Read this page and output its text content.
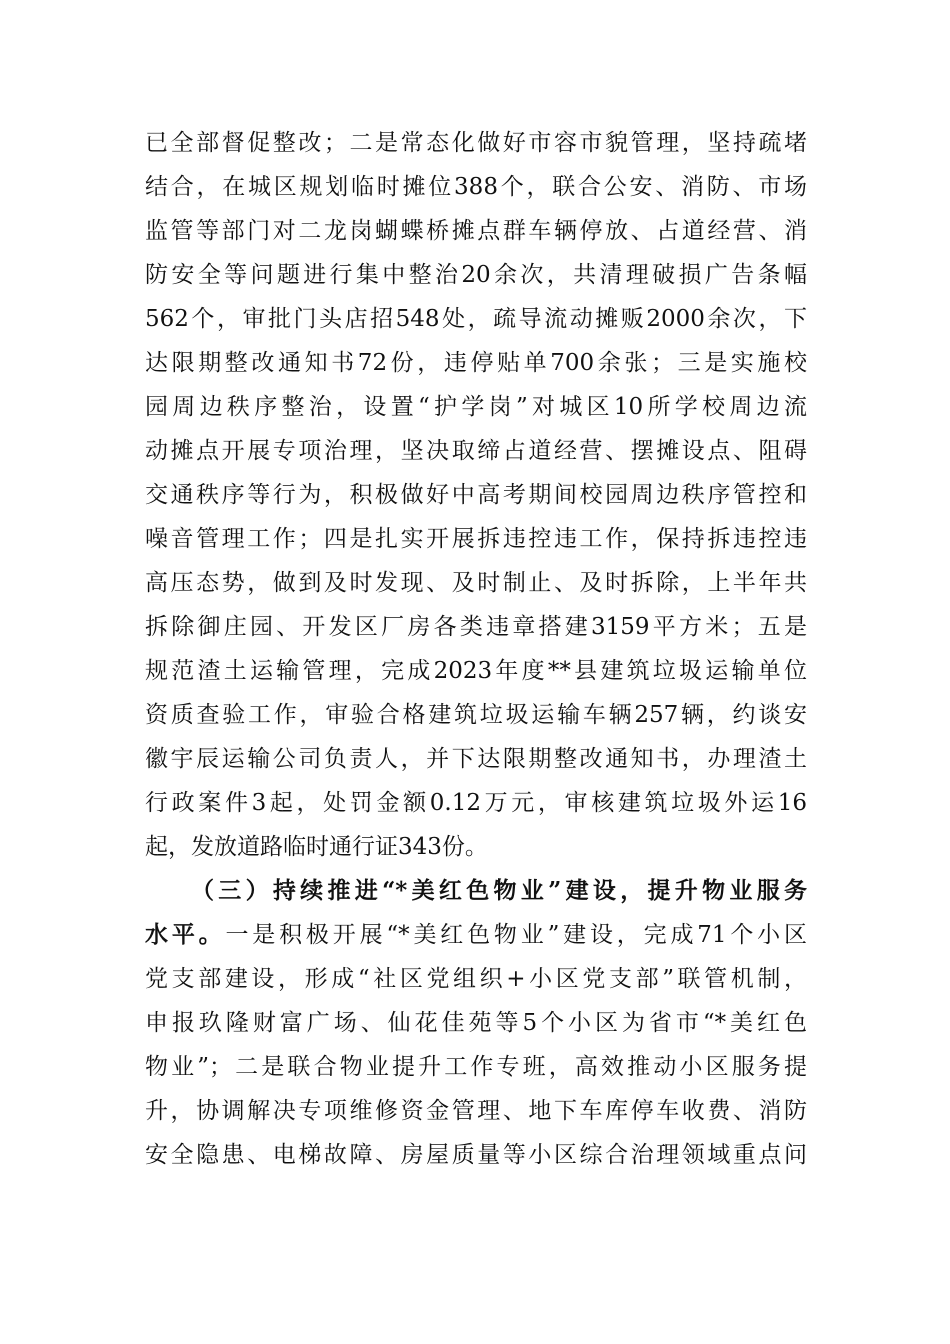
已全部督促整改；二是常态化做好市容市貌管理，坚持疏堵
结合，在城区规划临时摊位388个，联合公安、消防、市场
监管等部门对二龙岗蝴蝶桥摊点群车辆停放、占道经营、消
防安全等问题进行集中整治20余次，共清理破损广告条幅
562个，审批门头店招548处，疏导流动摊贩2000余次，下
达限期整改通知书72份，违停贴单700余张；三是实施校
园周边秩序整治，设置“护学岗”对城区10所学校周边流
动摊点开展专项治理，坚决取缔占道经营、摆摊设点、阻碍
交通秩序等行为，积极做好中高考期间校园周边秩序管控和
噪音管理工作；四是扎实开展拆违控违工作，保持拆违控违
高压态势，做到及时发现、及时制止、及时拆除，上半年共
拆除御庄园、开发区厂房各类违章搭建3159平方米；五是
规范渣土运输管理，完成2023年度**县建筑垃圾运输单位
资质查验工作，审验合格建筑垃圾运输车辆257辆，约谈安
徽宇辰运输公司负责人，并下达限期整改通知书，办理渣土
行政案件3起，处罚金额0.12万元，审核建筑垃圾外运16
起，发放道路临时通行证343份。
（三）持续推进“*美红色物业”建设，提升物业服务
水平。一是积极开展“*美红色物业”建设，完成71个小区
党支部建设，形成“社区党组织+小区党支部”联管机制，
申报玖隆财富广场、仙花佳苑等5个小区为省市“*美红色
物业”；二是联合物业提升工作专班，高效推动小区服务提
升，协调解决专项维修资金管理、地下车库停车收费、消防
安全隐患、电梯故障、房屋质量等小区综合治理领域重点问
